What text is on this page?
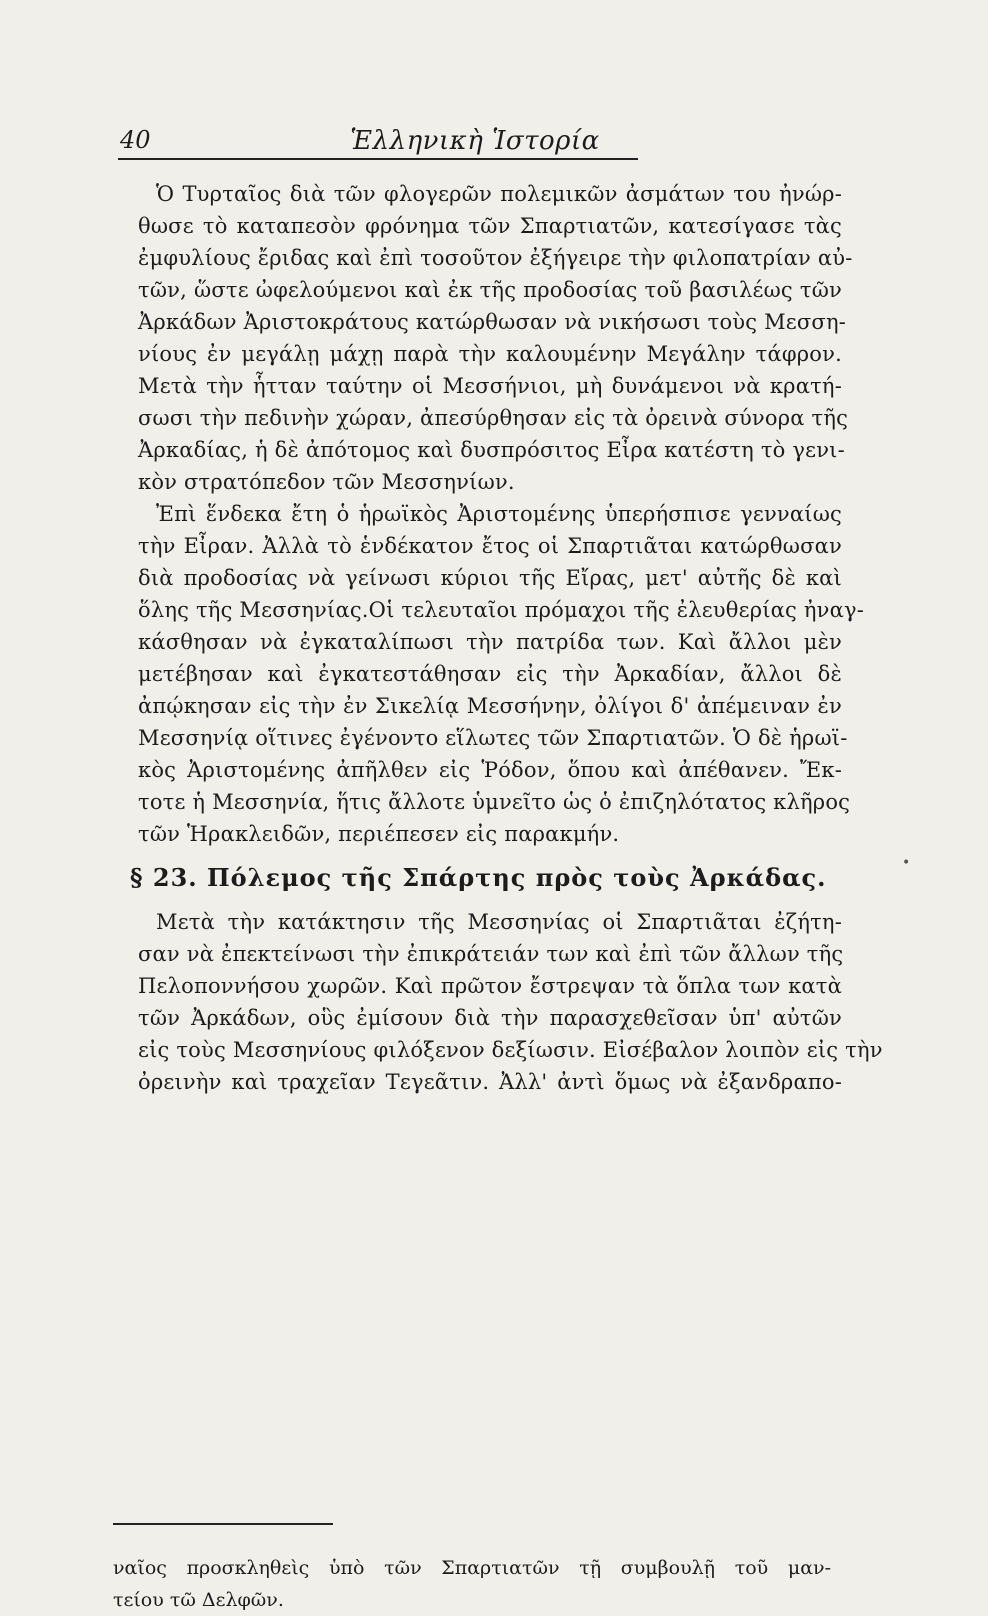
40	Ἑλληνικὴ Ἱστορία
Ὁ Τυρταῖος διὰ τῶν φλογερῶν πολεμικῶν ἀσμάτων του ἠνώρ-
θωσε τὸ καταπεσὸν φρόνημα τῶν Σπαρτιατῶν, κατεσίγασε τὰς
ἐμφυλίους ἔριδας καὶ ἐπὶ τοσοῦτον ἐξήγειρε τὴν φιλοπατρίαν αὐ-
τῶν, ὥστε ὠφελούμενοι καὶ ἐκ τῆς προδοσίας τοῦ βασιλέως τῶν
Ἀρκάδων Ἀριστοκράτους κατώρθωσαν νὰ νικήσωσι τοὺς Μεσση-
νίους ἐν μεγάλῃ μάχῃ παρὰ τὴν καλουμένην Μεγάλην τάφρον.
Μετὰ τὴν ἧτταν ταύτην οἱ Μεσσήνιοι, μὴ δυνάμενοι νὰ κρατή-
σωσι τὴν πεδινὴν χώραν, ἀπεσύρθησαν εἰς τὰ ὀρεινὰ σύνορα τῆς
Ἀρκαδίας, ἡ δὲ ἀπότομος καὶ δυσπρόσιτος Εἶρα κατέστη τὸ γενι-
κὸν στρατόπεδον τῶν Μεσσηνίων.
Ἐπὶ ἕνδεκα ἔτη ὁ ἡρωϊκὸς Ἀριστομένης ὑπερήσπισε γενναίως
τὴν Εἶραν. Ἀλλὰ τὸ ἑνδέκατον ἔτος οἱ Σπαρτιᾶται κατώρθωσαν
διὰ προδοσίας νὰ γείνωσι κύριοι τῆς Εἴρας, μετ' αὐτῆς δὲ καὶ
ὅλης τῆς Μεσσηνίας.Οἱ τελευταῖοι πρόμαχοι τῆς ἐλευθερίας ἠναγ-
κάσθησαν νὰ ἐγκαταλίπωσι τὴν πατρίδα των. Καὶ ἄλλοι μὲν
μετέβησαν καὶ ἐγκατεστάθησαν εἰς τὴν Ἀρκαδίαν, ἄλλοι δὲ
ἀπῴκησαν εἰς τὴν ἐν Σικελίᾳ Μεσσήνην, ὀλίγοι δ' ἀπέμειναν ἐν
Μεσσηνίᾳ οἵτινες ἐγένοντο εἵλωτες τῶν Σπαρτιατῶν. Ὁ δὲ ἡρωϊ-
κὸς Ἀριστομένης ἀπῆλθεν εἰς Ῥόδον, ὅπου καὶ ἀπέθανεν. Ἔκ-
τοτε ἡ Μεσσηνία, ἥτις ἄλλοτε ὑμνεῖτο ὡς ὁ ἐπιζηλότατος κλῆρος
τῶν Ἡρακλειδῶν, περιέπεσεν εἰς παρακμήν.
§ 23. Πόλεμος τῆς Σπάρτης πρὸς τοὺς Ἀρκάδας.
Μετὰ τὴν κατάκτησιν τῆς Μεσσηνίας οἱ Σπαρτιᾶται ἐζήτη-
σαν νὰ ἐπεκτείνωσι τὴν ἐπικράτειάν των καὶ ἐπὶ τῶν ἄλλων τῆς
Πελοποννήσου χωρῶν. Καὶ πρῶτον ἔστρεψαν τὰ ὅπλα των κατὰ
τῶν Ἀρκάδων, οὓς ἐμίσουν διὰ τὴν παρασχεθεῖσαν ὑπ' αὐτῶν
εἰς τοὺς Μεσσηνίους φιλόξενον δεξίωσιν. Εἰσέβαλον λοιπὸν εἰς τὴν
ὀρεινὴν καὶ τραχεῖαν Τεγεᾶτιν. Ἀλλ' ἀντὶ ὅμως νὰ ἐξανδραπο-
•
ναῖος προσκληθεὶς ὑπὸ τῶν Σπαρτιατῶν τῇ συμβουλῇ τοῦ μαν-
τείου τῶ Δελφῶν.
